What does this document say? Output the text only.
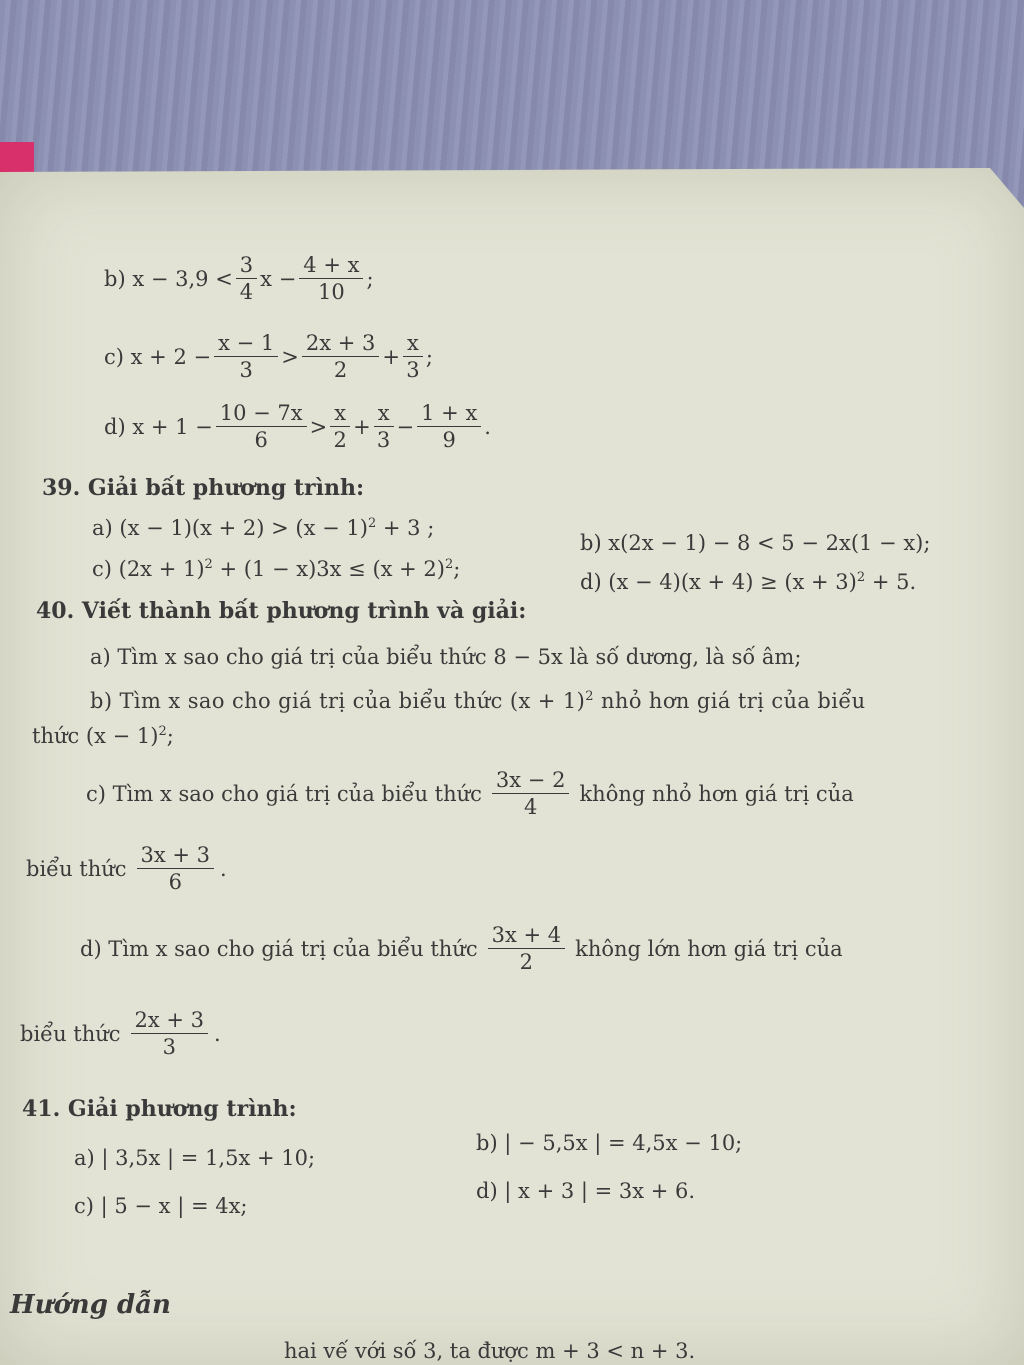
b)
$x - 3,9 < \frac{3}{4}$ $x - \frac{4 + x}{10}$ ;
c)
$x + 2 - \frac{x - 1}{3} > \frac{2x + 3}{2} + \frac{x}{3}$ ;
d)
$x + 1 - \frac{10 - 7x}{6} > \frac{x}{2} + \frac{x}{3} - \frac{1 + x}{9}$ .
39. Giải bất phương trình:
a) $(x - 1)(x + 2) > (x - 1)^2 + 3$ ;
b) x(2x − 1) − 8 < 5 − 2x(1 − x);
c) $(2x + 1)^2 + (1 - x)3x \le (x + 2)^2$;
d) $(x - 4)(x + 4) \ge (x + 3)^2 + 5$.
40. Viết thành bất phương trình và giải:
a) Tìm x sao cho giá trị của biểu thức 8 − 5x là số dương, là số âm;
b) Tìm x sao cho giá trị của biểu thức $(x + 1)^2$ nhỏ hơn giá trị của biểu
thức $(x - 1)^2$;
c) Tìm x sao cho giá trị của biểu thức $\frac{3x - 2}{4}$ không nhỏ hơn giá trị của
biểu thức $\frac{3x + 3}{6}$ .
d) Tìm x sao cho giá trị của biểu thức $\frac{3x + 4}{2}$ không lớn hơn giá trị của
biểu thức $\frac{2x + 3}{3}$ .
41. Giải phương trình:
a) | 3,5x | = 1,5x + 10;
b) | − 5,5x | = 4,5x − 10;
c) | 5 − x | = 4x;
d) | x + 3 | = 3x + 6.
Hướng dẫn
hai vế với số 3, ta được m + 3 < n + 3.
